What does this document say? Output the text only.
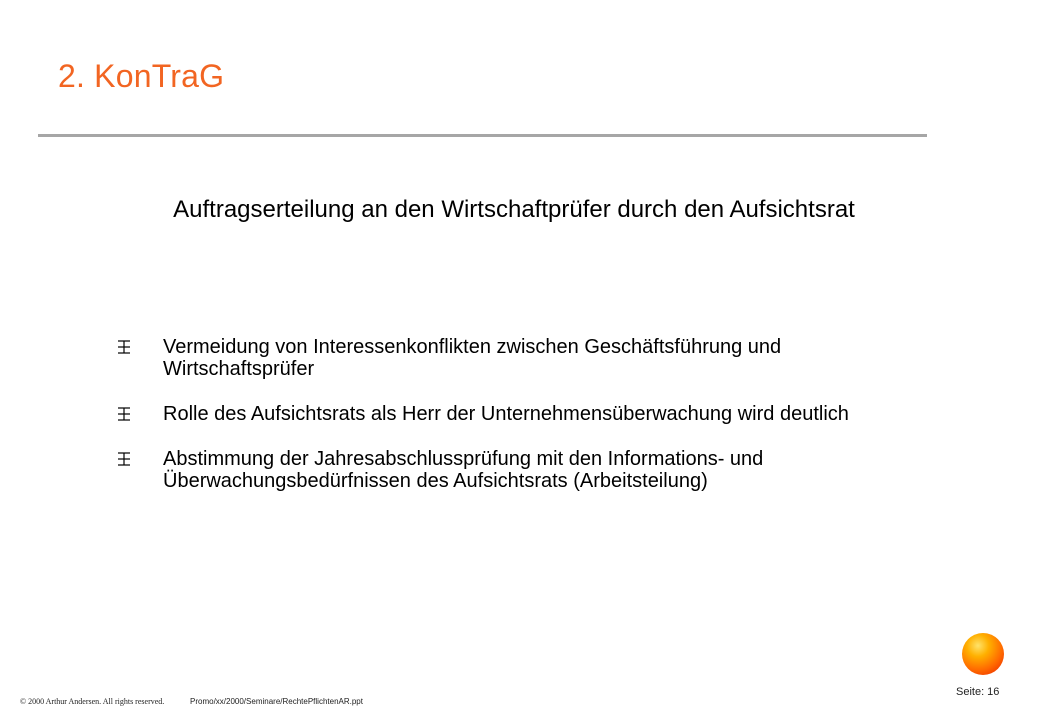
2. KonTraG
Auftragserteilung an den Wirtschaftprüfer durch den Aufsichtsrat
Vermeidung von Interessenkonflikten zwischen Geschäftsführung und Wirtschaftsprüfer
Rolle des Aufsichtsrats als Herr der Unternehmensüberwachung wird deutlich
Abstimmung der Jahresabschlussprüfung mit den Informations- und Überwachungsbedürfnissen des Aufsichtsrats (Arbeitsteilung)
© 2000 Arthur Andersen. All rights reserved.	Promo/xx/2000/Seminare/RechtePflichtenAR.ppt
Seite: 16
